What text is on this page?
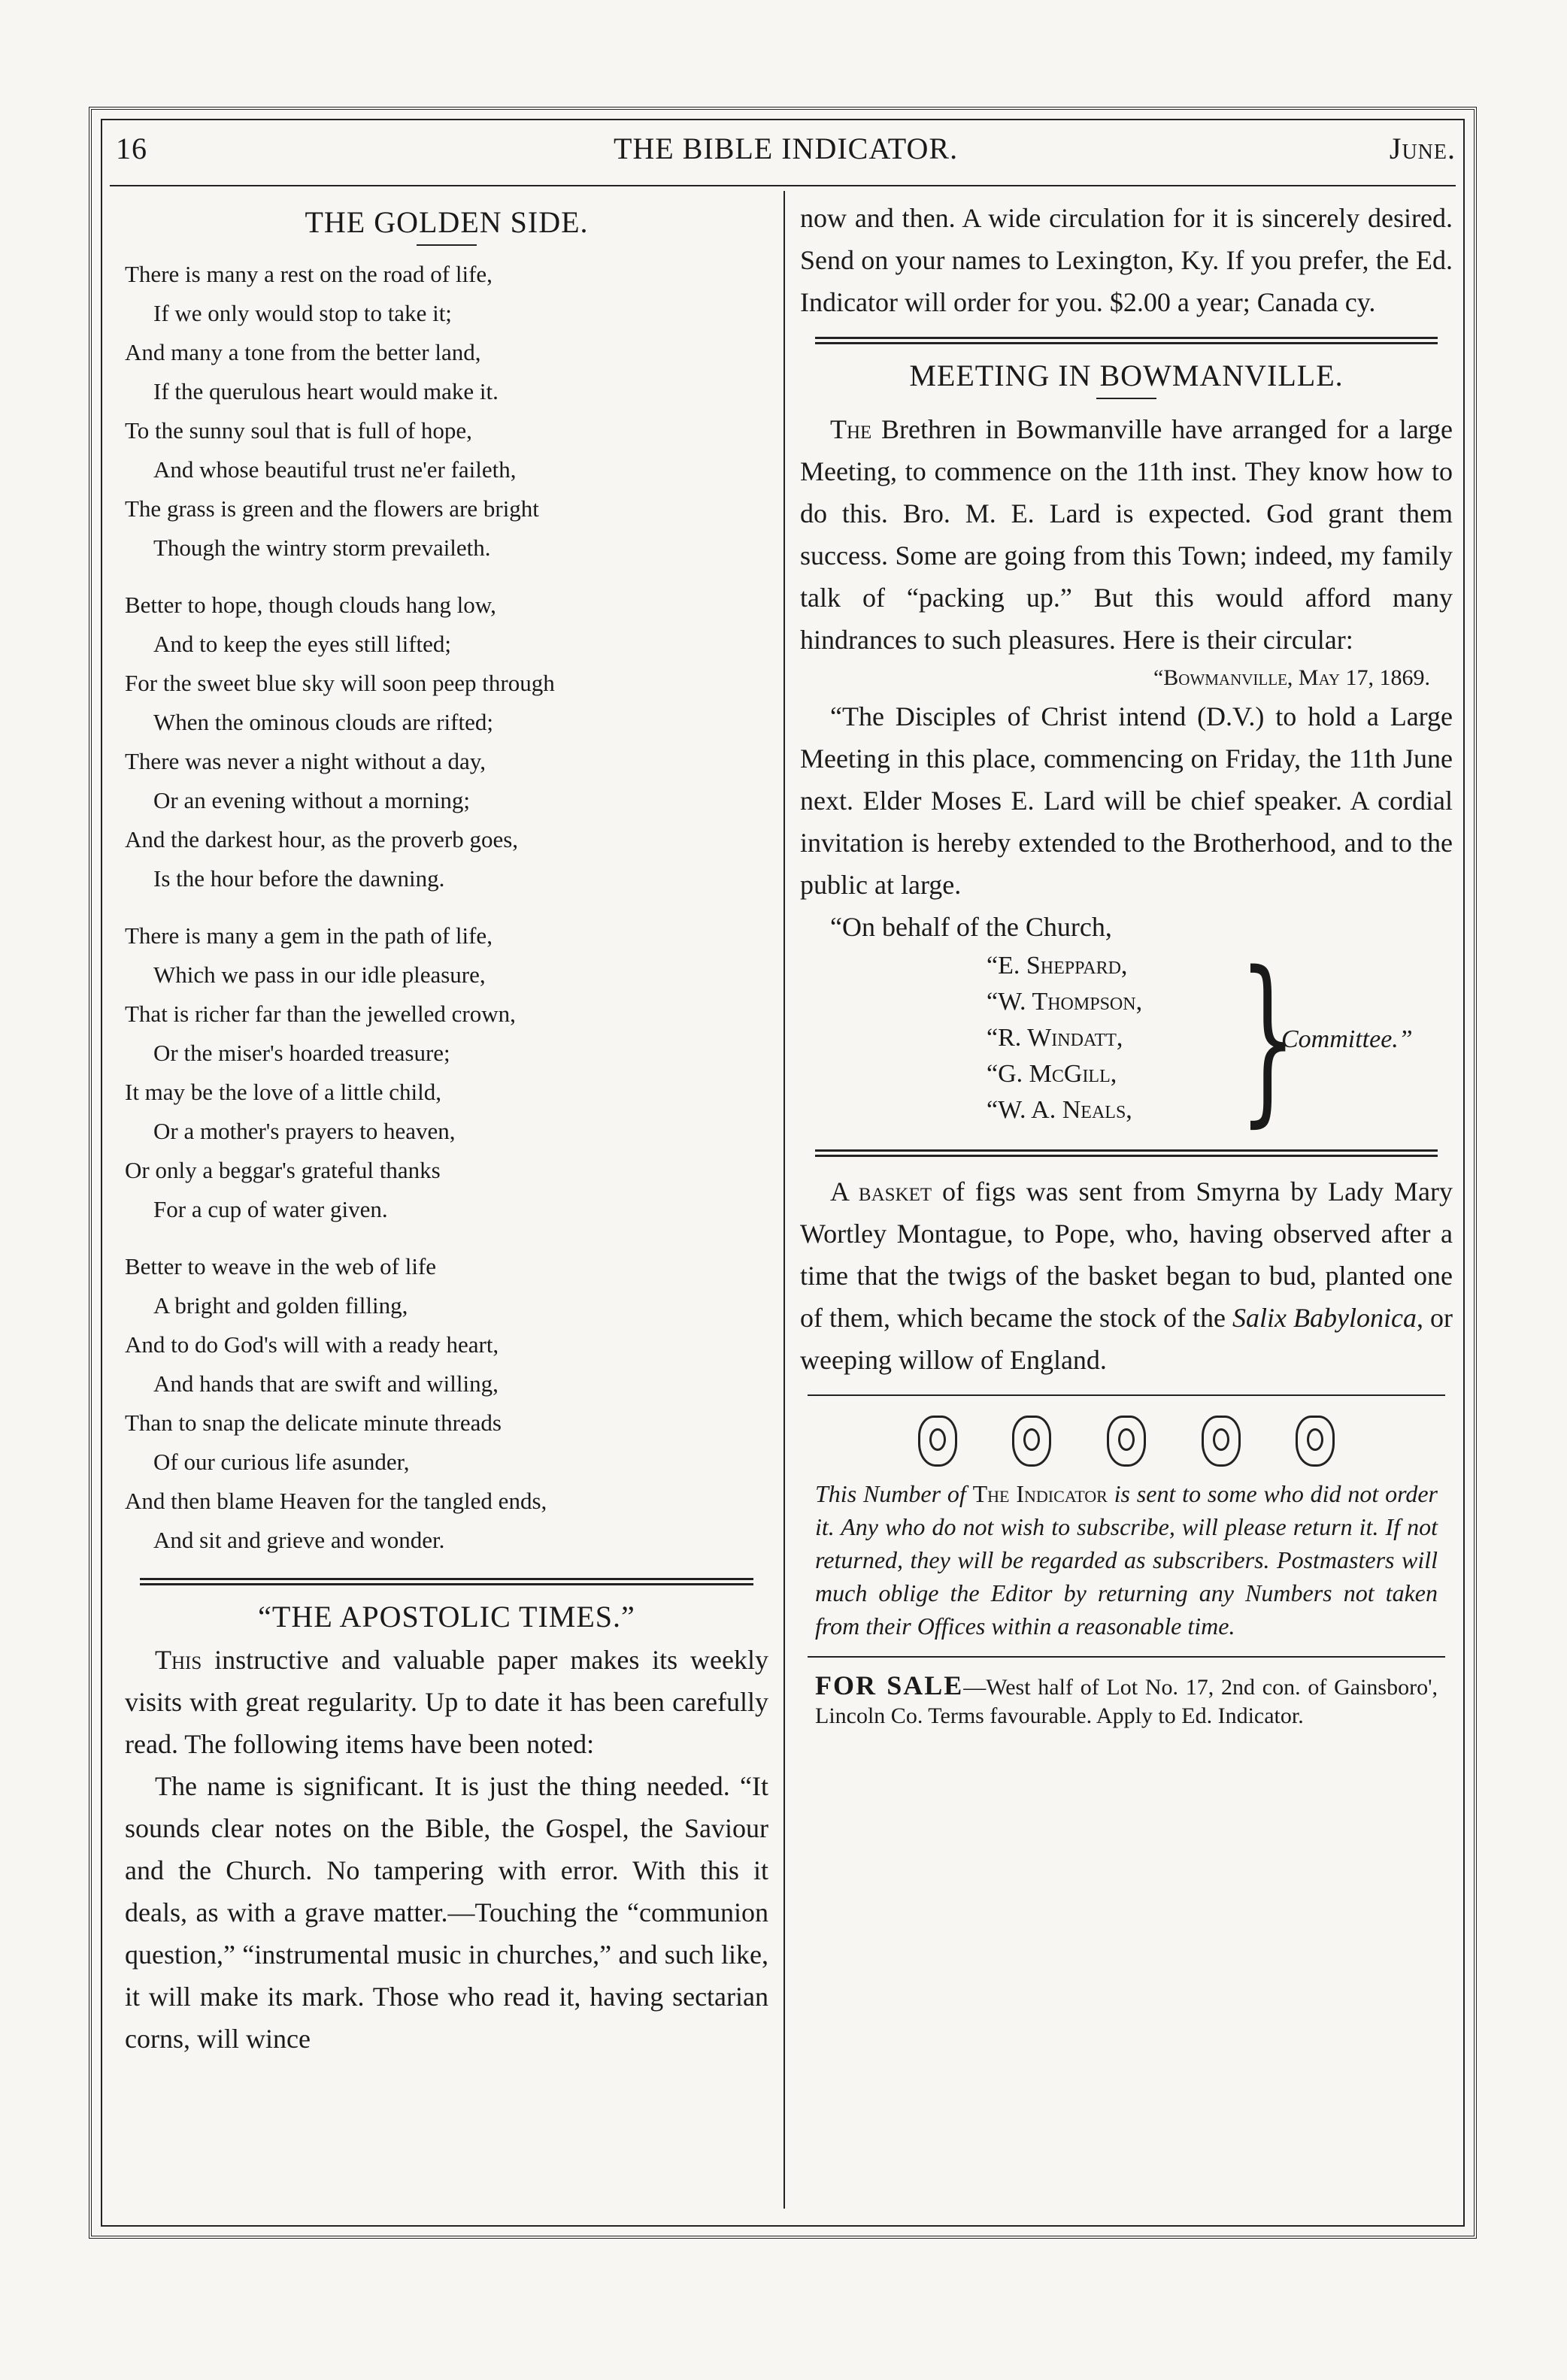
16	THE BIBLE INDICATOR.	June.
THE GOLDEN SIDE.
There is many a rest on the road of life,
If we only would stop to take it;
And many a tone from the better land,
If the querulous heart would make it.
To the sunny soul that is full of hope,
And whose beautiful trust ne'er faileth,
The grass is green and the flowers are bright
Though the wintry storm prevaileth.
Better to hope, though clouds hang low,
And to keep the eyes still lifted;
For the sweet blue sky will soon peep through
When the ominous clouds are rifted;
There was never a night without a day,
Or an evening without a morning;
And the darkest hour, as the proverb goes,
Is the hour before the dawning.
There is many a gem in the path of life,
Which we pass in our idle pleasure,
That is richer far than the jewelled crown,
Or the miser's hoarded treasure;
It may be the love of a little child,
Or a mother's prayers to heaven,
Or only a beggar's grateful thanks
For a cup of water given.
Better to weave in the web of life
A bright and golden filling,
And to do God's will with a ready heart,
And hands that are swift and willing,
Than to snap the delicate minute threads
Of our curious life asunder,
And then blame Heaven for the tangled ends,
And sit and grieve and wonder.
“THE APOSTOLIC TIMES.”

This instructive and valuable paper makes its weekly visits with great regularity. Up to date it has been carefully read. The following items have been noted:

The name is significant. It is just the thing needed. “It sounds clear notes on the Bible, the Gospel, the Saviour and the Church. No tampering with error. With this it deals, as with a grave matter.—Touching the “communion question,” “instrumental music in churches,” and such like, it will make its mark. Those who read it, having sectarian corns, will wince

now and then. A wide circulation for it is sincerely desired. Send on your names to Lexington, Ky. If you prefer, the Ed. Indicator will order for you. $2.00 a year; Canada cy.

MEETING IN BOWMANVILLE.

The Brethren in Bowmanville have arranged for a large Meeting, to commence on the 11th inst. They know how to do this. Bro. M. E. Lard is expected. God grant them success. Some are going from this Town; indeed, my family talk of “packing up.” But this would afford many hindrances to such pleasures. Here is their circular:

“Bowmanville, May 17, 1869.

“The Disciples of Christ intend (D.V.) to hold a Large Meeting in this place, commencing on Friday, the 11th June next. Elder Moses E. Lard will be chief speaker. A cordial invitation is hereby extended to the Brotherhood, and to the public at large.

“On behalf of the Church,

“E. Sheppard,
“W. Thompson,
“R. Windatt,
“G. McGill,
“W. A. Neals, }
Committee.”

A basket of figs was sent from Smyrna by Lady Mary Wortley Montague, to Pope, who, having observed after a time that the twigs of the basket began to bud, planted one of them, which became the stock of the Salix Babylonica, or weeping willow of England.

This Number of The Indicator is sent to some who did not order it. Any who do not wish to subscribe, will please return it. If not returned, they will be regarded as subscribers. Postmasters will much oblige the Editor by returning any Numbers not taken from their Offices within a reasonable time.
FOR SALE—West half of Lot No. 17, 2nd con. of Gainsboro', Lincoln Co. Terms favourable. Apply to Ed. Indicator.
